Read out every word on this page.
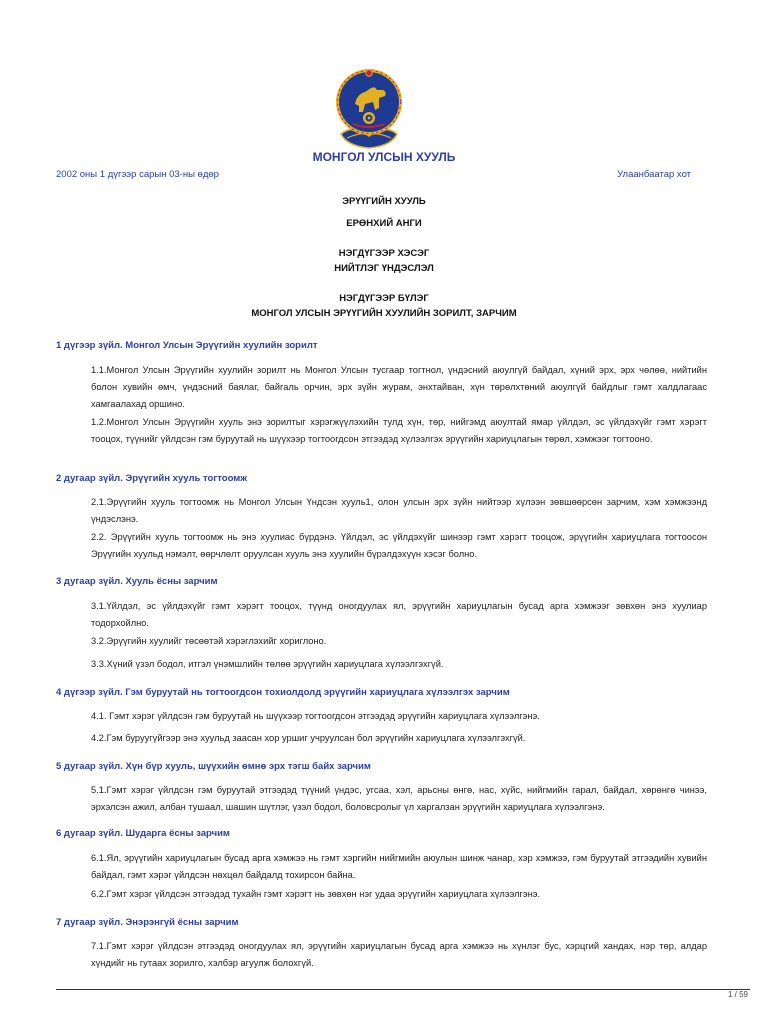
МОНГОЛ УЛСЫН ХУУЛЬ
2002 оны 1 дүгээр сарын 03-ны өдөр	Улаанбаатар хот
ЭРҮҮГИЙН ХУУЛЬ
ЕРӨНХИЙ АНГИ
НЭГДҮГЭЭР ХЭСЭГ
НИЙТЛЭГ ҮНДЭСЛЭЛ
НЭГДҮГЭЭР БҮЛЭГ
МОНГОЛ УЛСЫН ЭРҮҮГИЙН ХУУЛИЙН ЗОРИЛТ, ЗАРЧИМ
1 дүгээр зүйл. Монгол Улсын Эрүүгийн хуулийн зорилт

1.1.Монгол Улсын Эрүүгийн хуулийн зорилт нь Монгол Улсын тусгаар тогтнол, үндэсний аюулгүй байдал, хүний эрх, эрх чөлөө, нийтийн болон хувийн өмч, үндэсний баялаг, байгаль орчин, эрх зүйн журам, энхтайван, хүн төрөлхтөний аюулгүй байдлыг гэмт халдлагаас хамгаалахад оршино.

1.2.Монгол Улсын Эрүүгийн хууль энэ зорилтыг хэрэгжүүлэхийн тулд хүн, төр, нийгэмд аюултай ямар үйлдэл, эс үйлдэхүйг гэмт хэрэгт тооцох, түүнийг үйлдсэн гэм буруутай нь шүүхээр тогтоогдсон этгээдэд хүлээлгэх эрүүгийн хариуцлагын төрөл, хэмжээг тогтооно.

2 дугаар зүйл. Эрүүгийн хууль тогтоомж

2.1.Эрүүгийн хууль тогтоомж нь Монгол Улсын Үндсэн хууль1, олон улсын эрх зүйн нийтээр хүлээн зөвшөөрсөн зарчим, хэм хэмжээнд үндэслэнэ.

2.2. Эрүүгийн хууль тогтоомж нь энэ хуулиас бүрдэнэ. Үйлдэл, эс үйлдэхүйг шинээр гэмт хэрэгт тооцож, эрүүгийн хариуцлага тогтоосон Эрүүгийн хуульд нэмэлт, өөрчлөлт оруулсан хууль энэ хуулийн бүрэлдэхүүн хэсэг болно.

3 дугаар зүйл. Хууль ёсны зарчим

3.1.Үйлдэл, эс үйлдэхүйг гэмт хэрэгт тооцох, түүнд оногдуулах ял, эрүүгийн хариуцлагын бусад арга хэмжээг зөвхөн энэ хуулиар тодорхойлно.

3.2.Эрүүгийн хуулийг төсөөтэй хэрэглэхийг хориглоно.

3.3.Хүний үзэл бодол, итгэл үнэмшлийн төлөө эрүүгийн хариуцлага хүлээлгэхгүй.

4 дүгээр зүйл. Гэм буруутай нь тогтоогдсон тохиолдолд эрүүгийн хариуцлага хүлээлгэх зарчим

4.1. Гэмт хэрэг үйлдсэн гэм буруутай нь шүүхээр тогтоогдсон этгээдэд эрүүгийн хариуцлага хүлээлгэнэ.

4.2.Гэм буруугүйгээр энэ хуульд заасан хор уршиг учруулсан бол эрүүгийн хариуцлага хүлээлгэхгүй.

5 дугаар зүйл. Хүн бүр хууль, шүүхийн өмнө эрх тэгш байх зарчим

5.1.Гэмт хэрэг үйлдсэн гэм буруутай этгээдэд түүний үндэс, угсаа, хэл, арьсны өнгө, нас, хүйс, нийгмийн гарал, байдал, хөрөнгө чинээ, эрхэлсэн ажил, албан тушаал, шашин шүтлэг, үзэл бодол, боловсролыг үл харгалзан эрүүгийн хариуцлага хүлээлгэнэ.

6 дугаар зүйл. Шударга ёсны зарчим

6.1.Ял, эрүүгийн хариуцлагын бусад арга хэмжээ нь гэмт хэргийн нийгмийн аюулын шинж чанар, хэр хэмжээ, гэм буруутай этгээдийн хувийн байдал, гэмт хэрэг үйлдсэн нөхцөл байдалд тохирсон байна.

6.2.Гэмт хэрэг үйлдсэн этгээдэд тухайн гэмт хэрэгт нь зөвхөн нэг удаа эрүүгийн хариуцлага хүлээлгэнэ.

7 дугаар зүйл. Энэрэнгүй ёсны зарчим

7.1.Гэмт хэрэг үйлдсэн этгээдэд оногдуулах ял, эрүүгийн хариуцлагын бусад арга хэмжээ нь хүнлэг бус, хэрцгий хандах, нэр төр, алдар хүндийг нь гутаах зорилго, хэлбэр агуулж болохгүй.

1 / 59
